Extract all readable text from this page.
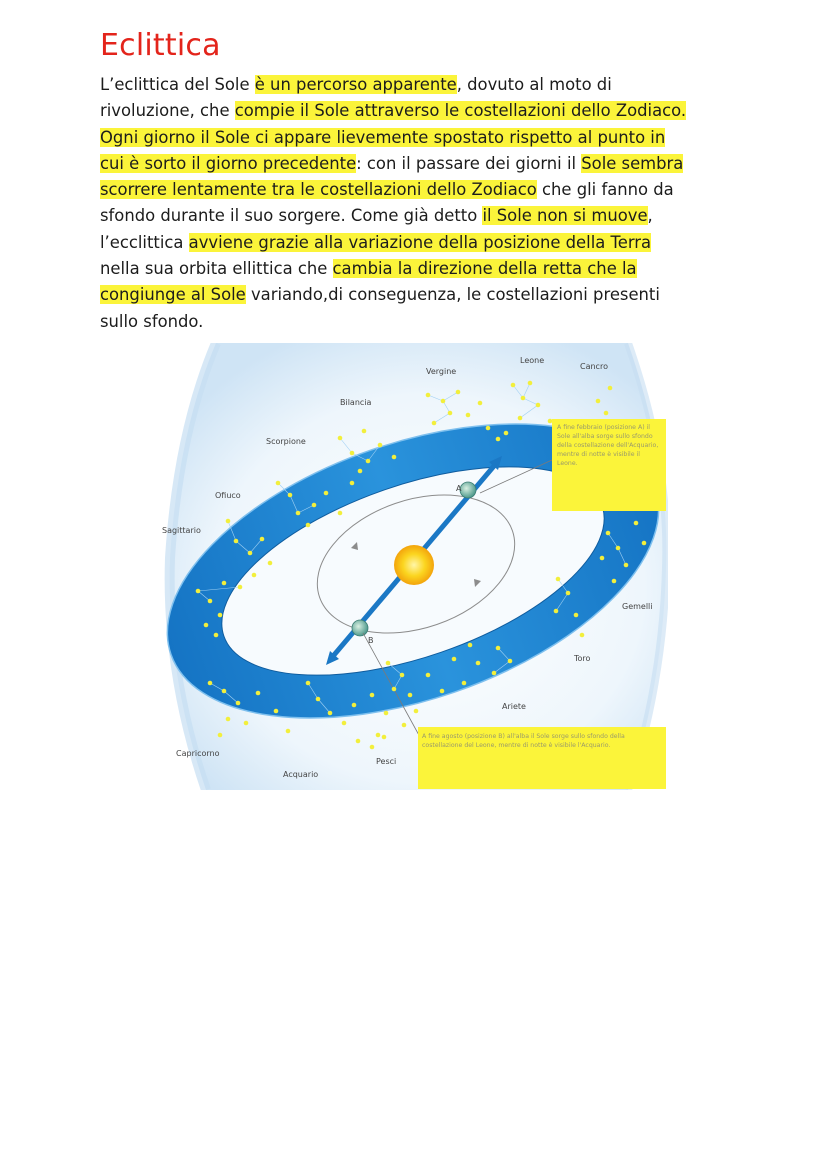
Eclittica

L’eclittica del Sole è un percorso apparente, dovuto al moto di
rivoluzione, che compie il Sole attraverso le costellazioni dello Zodiaco.
Ogni giorno il Sole ci appare lievemente spostato rispetto al punto in
cui è sorto il giorno precedente: con il passare dei giorni il Sole sembra
scorrere lentamente tra le costellazioni dello Zodiaco che gli fanno da
sfondo durante il suo sorgere. Come già detto il Sole non si muove,
l’ecclittica avviene grazie alla variazione della posizione della Terra
nella sua orbita ellittica che cambia la direzione della retta che la
congiunge al Sole variando,di conseguenza, le costellazioni presenti
sullo sfondo.

A
B
Vergine
Leone
Cancro
Bilancia
Scorpione
Ofiuco
Sagittario
Gemelli
Toro
Ariete
Capricorno
Acquario
Pesci
A fine febbraio (posizione A) il
Sole all'alba sorge sullo sfondo
della costellazione dell'Acquario,
mentre di notte è visibile il
Leone.
A fine agosto (posizione B) all'alba il Sole sorge sullo sfondo della
costellazione del Leone, mentre di notte è visibile l'Acquario.
